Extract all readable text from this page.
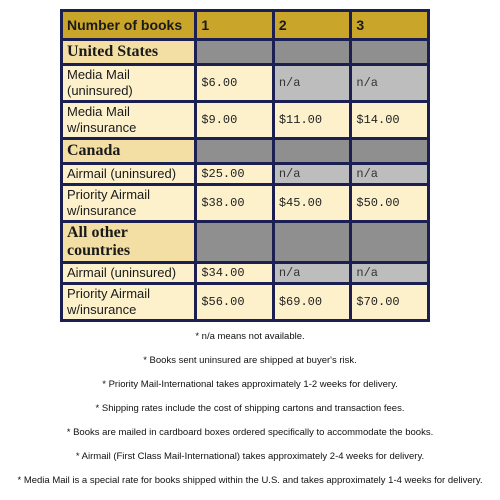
Number of books	1	2	3
United States			
Media Mail (uninsured)	$6.00	n/a	n/a
Media Mail w/insurance	$9.00	$11.00	$14.00
Canada			
Airmail (uninsured)	$25.00	n/a	n/a
Priority Airmail w/insurance	$38.00	$45.00	$50.00
All other countries			
Airmail (uninsured)	$34.00	n/a	n/a
Priority Airmail w/insurance	$56.00	$69.00	$70.00
* n/a means not available.
* Books sent uninsured are shipped at buyer's risk.
* Priority Mail-International takes approximately 1-2 weeks for delivery.
* Shipping rates include the cost of shipping cartons and transaction fees.
* Books are mailed in cardboard boxes ordered specifically to accommodate the books.
* Airmail (First Class Mail-International) takes approximately 2-4 weeks for delivery.
* Media Mail is a special rate for books shipped within the U.S. and takes approximately 1-4 weeks for delivery.
